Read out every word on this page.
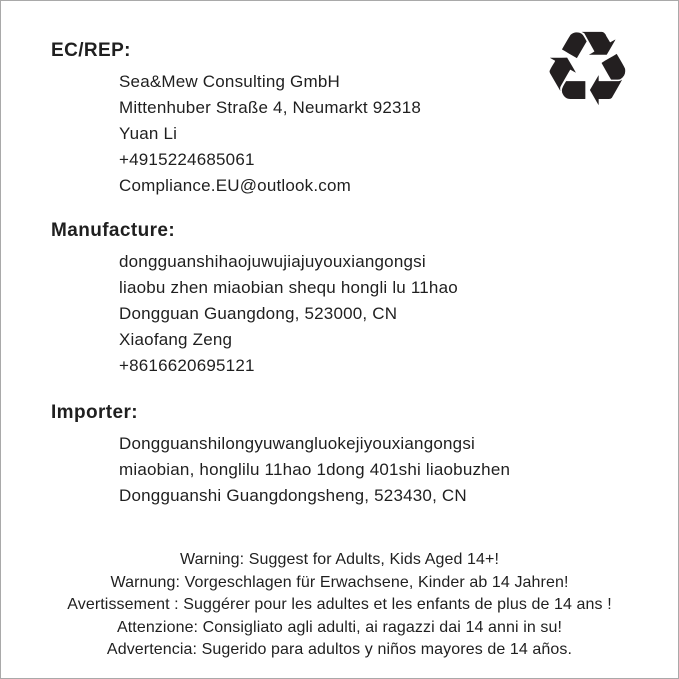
♻
EC/REP:
Sea&Mew Consulting GmbH
Mittenhuber Straße 4, Neumarkt 92318
Yuan Li
+4915224685061
Compliance.EU@outlook.com
Manufacture:
dongguanshihaojuwujiajuyouxiangongsi
liaobu zhen miaobian shequ hongli lu 11hao
Dongguan Guangdong, 523000, CN
Xiaofang Zeng
+8616620695121
Importer:
Dongguanshilongyuwangluokejiyouxiangongsi
miaobian, honglilu 11hao 1dong 401shi liaobuzhen
Dongguanshi Guangdongsheng, 523430, CN
Warning: Suggest for Adults, Kids Aged 14+!
Warnung: Vorgeschlagen für Erwachsene, Kinder ab 14 Jahren!
Avertissement : Suggérer pour les adultes et les enfants de plus de 14 ans !
Attenzione: Consigliato agli adulti, ai ragazzi dai 14 anni in su!
Advertencia: Sugerido para adultos y niños mayores de 14 años.
